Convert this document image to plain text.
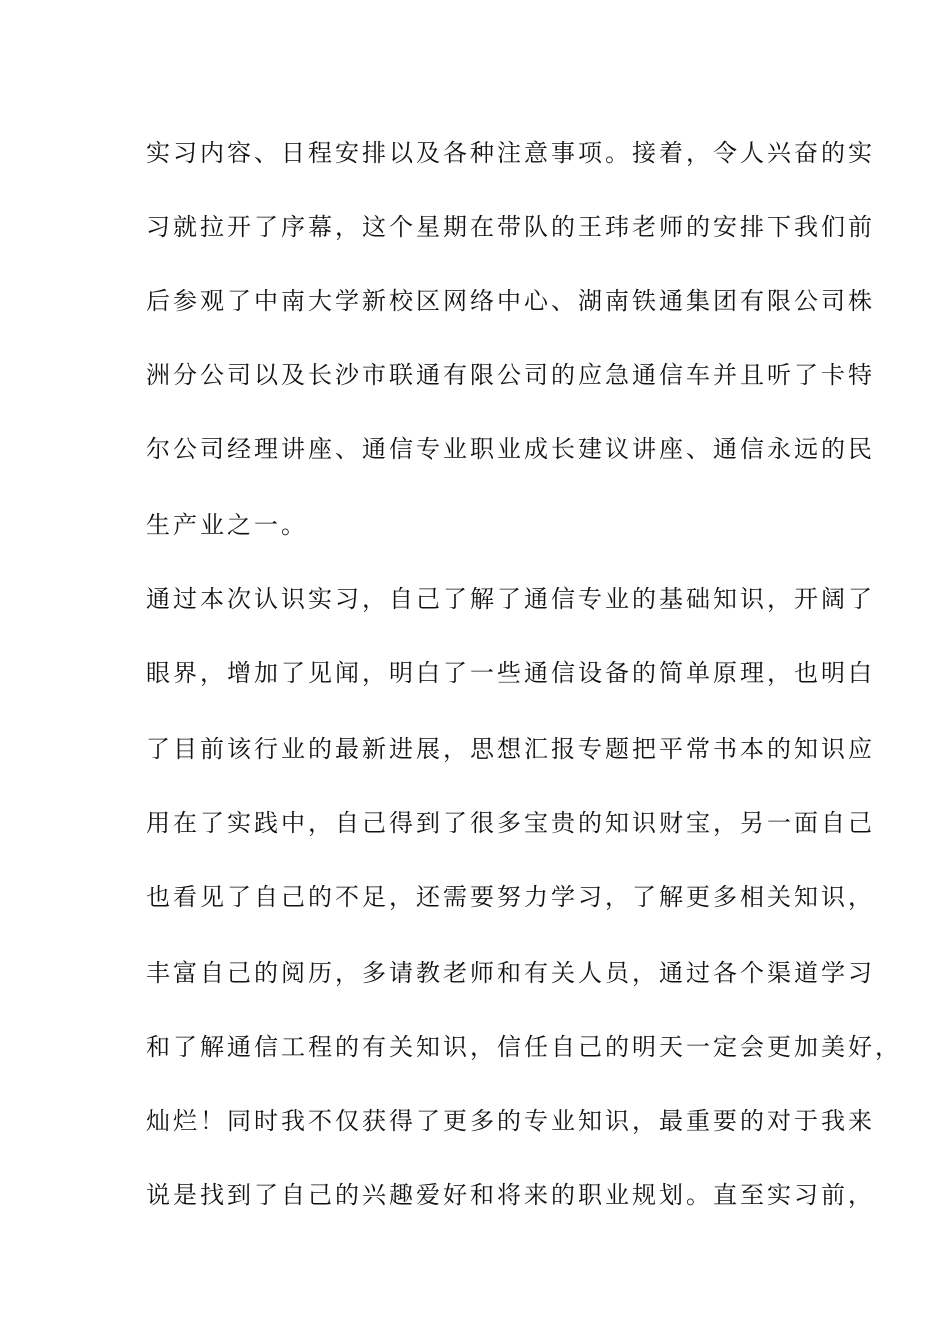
实习内容、日程安排以及各种注意事项。接着，令人兴奋的实
习就拉开了序幕，这个星期在带队的王玮老师的安排下我们前
后参观了中南大学新校区网络中心、湖南铁通集团有限公司株
洲分公司以及长沙市联通有限公司的应急通信车并且听了卡特
尔公司经理讲座、通信专业职业成长建议讲座、通信永远的民
生产业之一。
通过本次认识实习，自己了解了通信专业的基础知识，开阔了
眼界，增加了见闻，明白了一些通信设备的简单原理，也明白
了目前该行业的最新进展，思想汇报专题把平常书本的知识应
用在了实践中，自己得到了很多宝贵的知识财宝，另一面自己
也看见了自己的不足，还需要努力学习，了解更多相关知识，
丰富自己的阅历，多请教老师和有关人员，通过各个渠道学习
和了解通信工程的有关知识，信任自己的明天一定会更加美好，
灿烂！同时我不仅获得了更多的专业知识，最重要的对于我来
说是找到了自己的兴趣爱好和将来的职业规划。直至实习前，
